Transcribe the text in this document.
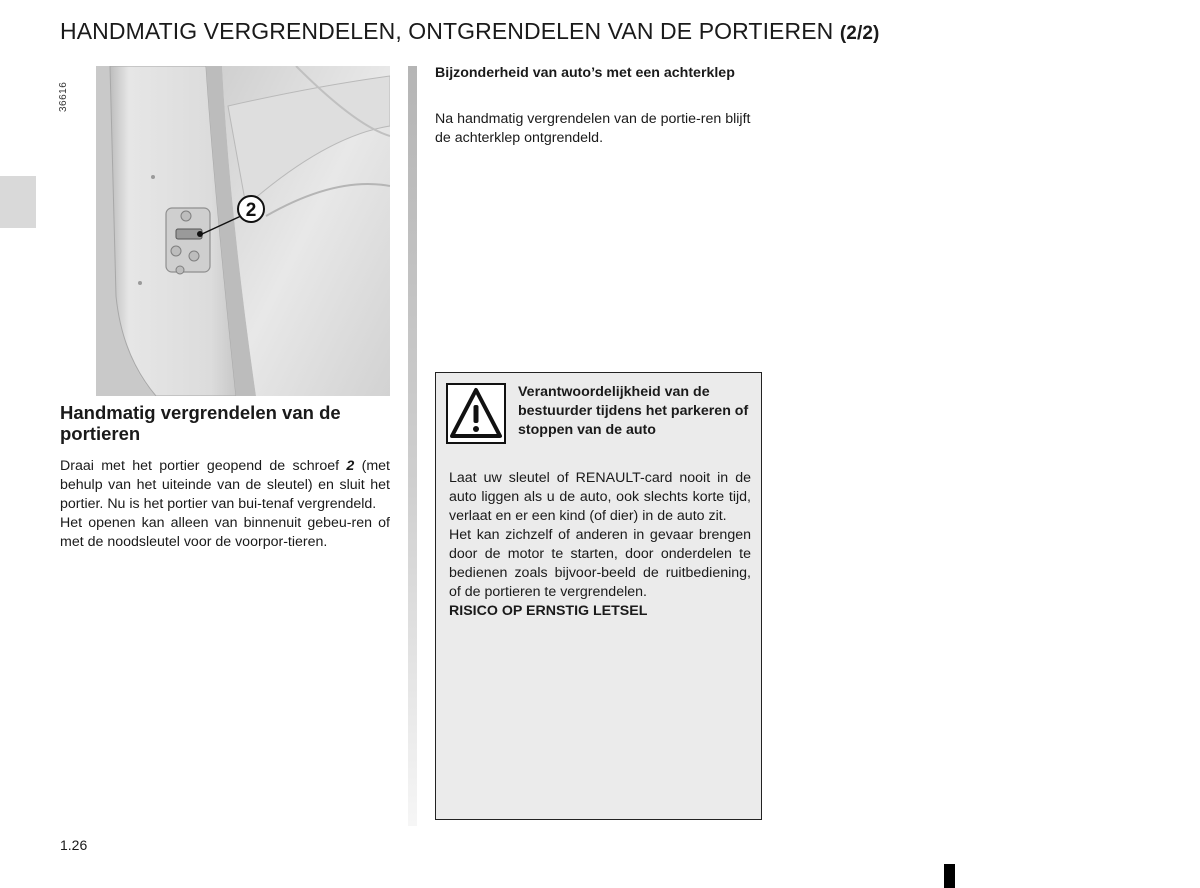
HANDMATIG VERGRENDELEN, ONTGRENDELEN VAN DE PORTIEREN (2/2)
36616
2
Handmatig vergrendelen van de portieren

Draai met het portier geopend de schroef 2 (met behulp van het uiteinde van de sleutel) en sluit het portier. Nu is het portier van bui-tenaf vergrendeld.

Het openen kan alleen van binnenuit gebeu-ren of met de noodsleutel voor de voorpor-tieren.

Bijzonderheid van auto’s met een achterklep
Na handmatig vergrendelen van de portie-ren blijft de achterklep ontgrendeld.
Verantwoordelijkheid van de bestuurder tijdens het parkeren of stoppen van de auto

Laat uw sleutel of RENAULT-card nooit in de auto liggen als u de auto, ook slechts korte tijd, verlaat en er een kind (of dier) in de auto zit.

Het kan zichzelf of anderen in gevaar brengen door de motor te starten, door onderdelen te bedienen zoals bijvoor-beeld de ruitbediening, of de portieren te vergrendelen.

RISICO OP ERNSTIG LETSEL

1.26
